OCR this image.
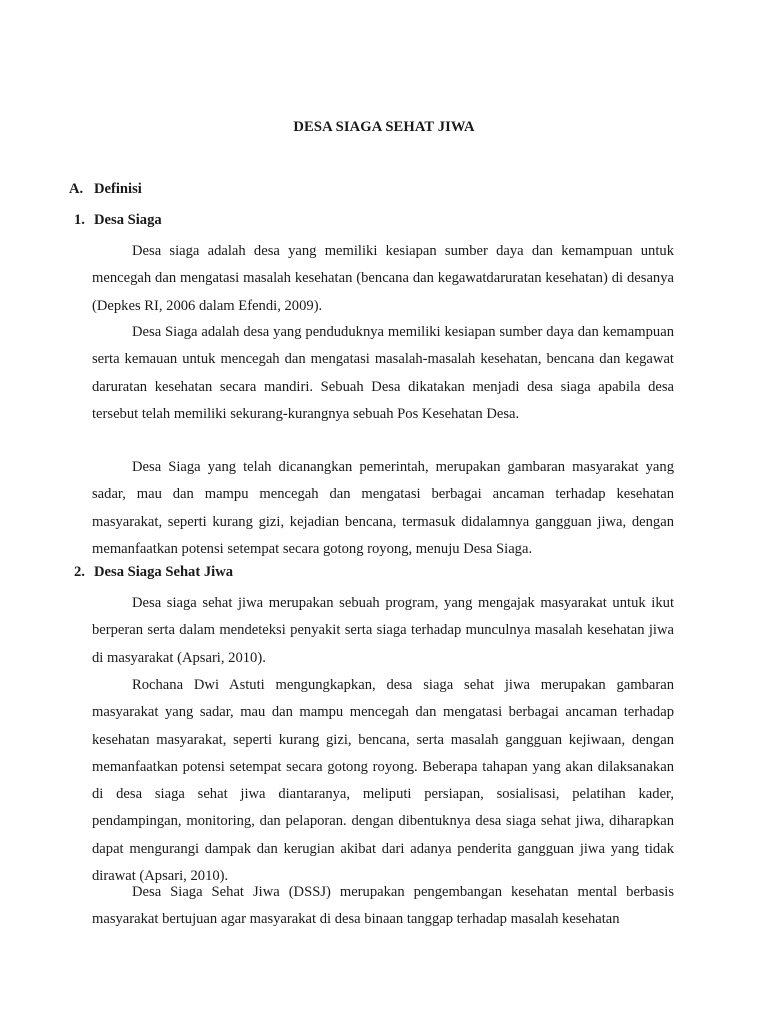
DESA SIAGA SEHAT JIWA
A. Definisi
1. Desa Siaga

Desa siaga adalah desa yang memiliki kesiapan sumber daya dan kemampuan untuk mencegah dan mengatasi masalah kesehatan (bencana dan kegawatdaruratan kesehatan) di desanya (Depkes RI, 2006 dalam Efendi, 2009).

Desa Siaga adalah desa yang penduduknya memiliki kesiapan sumber daya dan kemampuan serta kemauan untuk mencegah dan mengatasi masalah-masalah kesehatan, bencana dan kegawat daruratan kesehatan secara mandiri. Sebuah Desa dikatakan menjadi desa siaga apabila desa tersebut telah memiliki sekurang-kurangnya sebuah Pos Kesehatan Desa.

Desa Siaga yang telah dicanangkan pemerintah, merupakan gambaran masyarakat yang sadar, mau dan mampu mencegah dan mengatasi berbagai ancaman terhadap kesehatan masyarakat, seperti kurang gizi, kejadian bencana, termasuk didalamnya gangguan jiwa, dengan memanfaatkan potensi setempat secara gotong royong, menuju Desa Siaga.

2. Desa Siaga Sehat Jiwa

Desa siaga sehat jiwa merupakan sebuah program, yang mengajak masyarakat untuk ikut berperan serta dalam mendeteksi penyakit serta siaga terhadap munculnya masalah kesehatan jiwa di masyarakat (Apsari, 2010).

Rochana Dwi Astuti mengungkapkan, desa siaga sehat jiwa merupakan gambaran masyarakat yang sadar, mau dan mampu mencegah dan mengatasi berbagai ancaman terhadap kesehatan masyarakat, seperti kurang gizi, bencana, serta masalah gangguan kejiwaan, dengan memanfaatkan potensi setempat secara gotong royong. Beberapa tahapan yang akan dilaksanakan di desa siaga sehat jiwa diantaranya, meliputi persiapan, sosialisasi, pelatihan kader, pendampingan, monitoring, dan pelaporan. dengan dibentuknya desa siaga sehat jiwa, diharapkan dapat mengurangi dampak dan kerugian akibat dari adanya penderita gangguan jiwa yang tidak dirawat (Apsari, 2010).

Desa Siaga Sehat Jiwa (DSSJ) merupakan pengembangan kesehatan mental berbasis masyarakat bertujuan agar masyarakat di desa binaan tanggap terhadap masalah kesehatan
